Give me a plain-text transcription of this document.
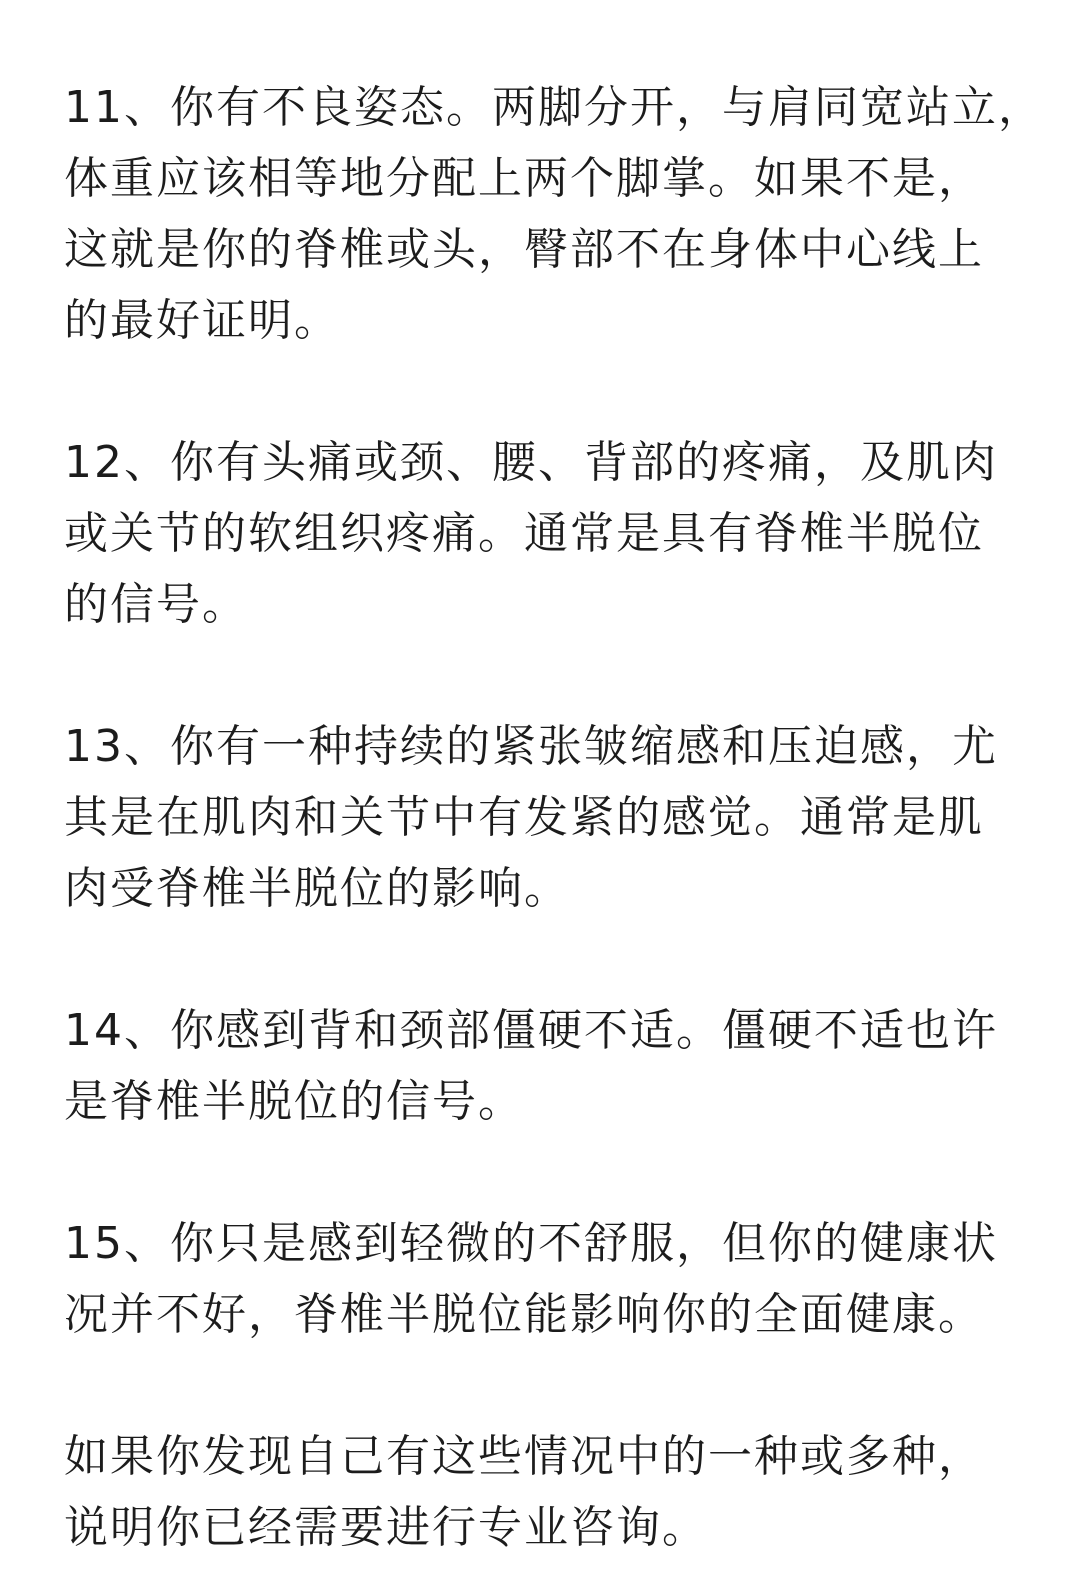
11、你有不良姿态。两脚分开，与肩同宽站立，
体重应该相等地分配上两个脚掌。如果不是，
这就是你的脊椎或头，臀部不在身体中心线上
的最好证明。
12、你有头痛或颈、腰、背部的疼痛，及肌肉
或关节的软组织疼痛。通常是具有脊椎半脱位
的信号。
13、你有一种持续的紧张皱缩感和压迫感，尤
其是在肌肉和关节中有发紧的感觉。通常是肌
肉受脊椎半脱位的影响。
14、你感到背和颈部僵硬不适。僵硬不适也许
是脊椎半脱位的信号。
15、你只是感到轻微的不舒服，但你的健康状
况并不好，脊椎半脱位能影响你的全面健康。
如果你发现自己有这些情况中的一种或多种，
说明你已经需要进行专业咨询。
